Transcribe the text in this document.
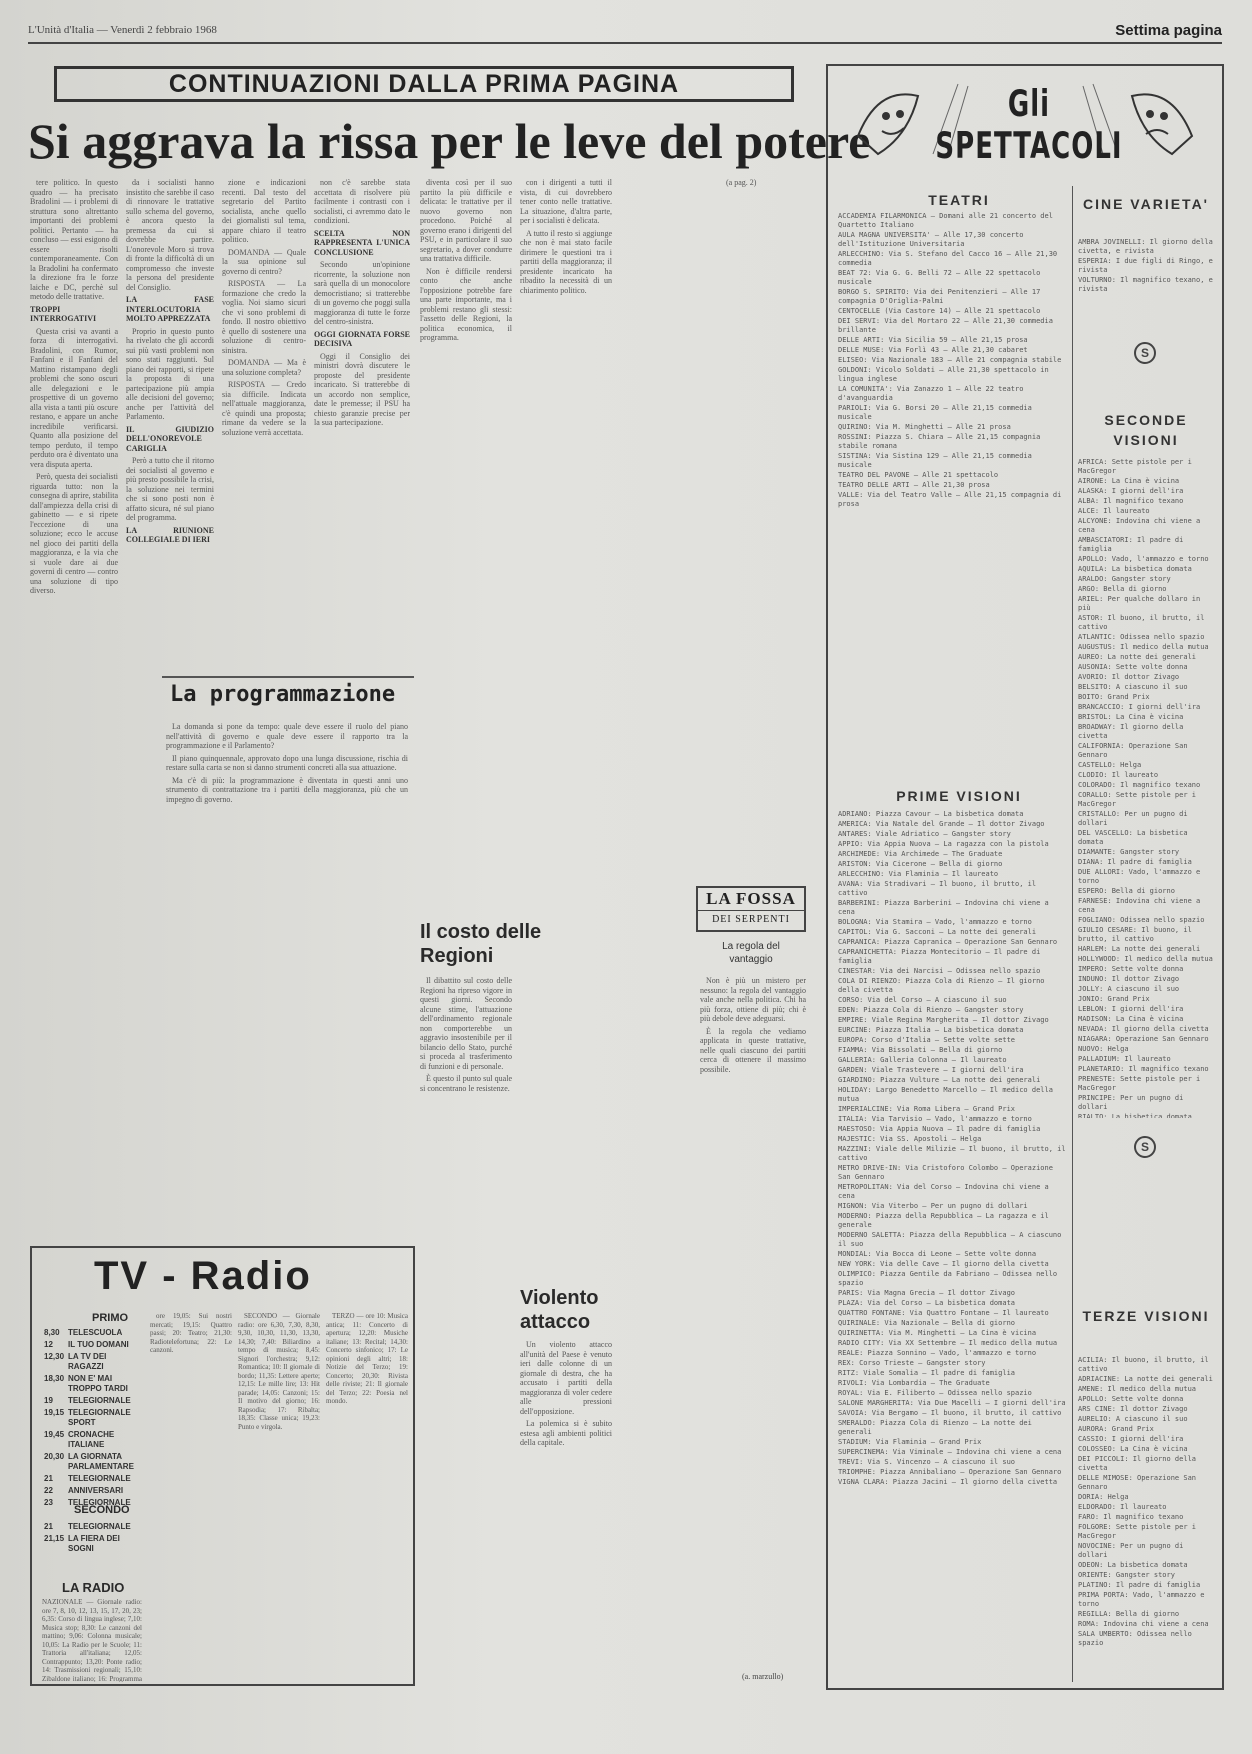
L'Unità d'Italia — Venerdì 2 febbraio 1968	Settima pagina
CONTINUAZIONI DALLA PRIMA PAGINA
Si aggrava la rissa per le leve del potere

tere politico. In questo quadro — ha precisato Bradolini — i problemi di struttura sono altrettanto importanti dei problemi politici. Pertanto — ha concluso — essi esigono di essere risolti contemporaneamente. Con la Bradolini ha confermato la direzione fra le forze laiche e DC, perchè sul metodo delle trattative.

TROPPI INTERROGATIVI

Questa crisi va avanti a forza di interrogativi. Bradolini, con Rumor, Fanfani e il Fanfani del Mattino ristampano degli problemi che sono oscuri alle delegazioni e le prospettive di un governo alla vista a tanti più oscure restano, e appare un anche incredibile verificarsi. Quanto alla posizione del tempo perduto, il tempo perduto ora è diventato una vera disputa aperta.

Però, questa dei socialisti riguarda tutto: non la consegna di aprire, stabilita dall'ampiezza della crisi di gabinetto — e si ripete l'eccezione di una soluzione; ecco le accuse nel gioco dei partiti della maggioranza, e la via che si vuole dare ai due governi di centro — contro una soluzione di tipo diverso.

da i socialisti hanno insistito che sarebbe il caso di rinnovare le trattative sullo schema del governo, è ancora questo la premessa da cui si dovrebbe partire. L'onorevole Moro si trova di fronte la difficoltà di un compromesso che investe la persona del presidente del Consiglio.

LA FASE INTERLOCUTORIA MOLTO APPREZZATA

Proprio in questo punto ha rivelato che gli accordi sui più vasti problemi non sono stati raggiunti. Sul piano dei rapporti, si ripete la proposta di una partecipazione più ampia alle decisioni del governo; anche per l'attività del Parlamento.

IL GIUDIZIO DELL'ONOREVOLE CARIGLIA

Però a tutto che il ritorno dei socialisti al governo e più presto possibile la crisi, la soluzione nei termini che si sono posti non è affatto sicura, né sul piano del programma.

LA RIUNIONE COLLEGIALE DI IERI

zione e indicazioni recenti. Dal testo del segretario del Partito socialista, anche quello dei giornalisti sul tema, appare chiaro il teatro politico.

DOMANDA — Quale la sua opinione sul governo di centro?

RISPOSTA — La formazione che credo la voglia. Noi siamo sicuri che vi sono problemi di fondo. Il nostro obiettivo è quello di sostenere una soluzione di centro-sinistra.

DOMANDA — Ma è una soluzione completa?

RISPOSTA — Credo sia difficile. Indicata nell'attuale maggioranza, c'è quindi una proposta; rimane da vedere se la soluzione verrà accettata.

non c'è sarebbe stata accettata di risolvere più facilmente i contrasti con i socialisti, ci avremmo dato le condizioni.

SCELTA NON RAPPRESENTA L'UNICA CONCLUSIONE

Secondo un'opinione ricorrente, la soluzione non sarà quella di un monocolore democristiano; si tratterebbe di un governo che poggi sulla maggioranza di tutte le forze del centro-sinistra.

OGGI GIORNATA FORSE DECISIVA

Oggi il Consiglio dei ministri dovrà discutere le proposte del presidente incaricato. Si tratterebbe di un accordo non semplice, date le premesse; il PSU ha chiesto garanzie precise per la sua partecipazione.

diventa così per il suo partito la più difficile e delicata: le trattative per il nuovo governo non procedono. Poiché al governo erano i dirigenti del PSU, e in particolare il suo segretario, a dover condurre una trattativa difficile.

Non è difficile rendersi conto che anche l'opposizione potrebbe fare una parte importante, ma i problemi restano gli stessi: l'assetto delle Regioni, la politica economica, il programma.

con i dirigenti a tutti il vista, di cui dovrebbero tener conto nelle trattative. La situazione, d'altra parte, per i socialisti è delicata.

A tutto il resto si aggiunge che non è mai stato facile dirimere le questioni tra i partiti della maggioranza; il presidente incaricato ha ribadito la necessità di un chiarimento politico.

(a pag. 2)

La programmazione

La domanda si pone da tempo: quale deve essere il ruolo del piano nell'attività di governo e quale deve essere il rapporto tra la programmazione e il Parlamento?

Il piano quinquennale, approvato dopo una lunga discussione, rischia di restare sulla carta se non si danno strumenti concreti alla sua attuazione.

Ma c'è di più: la programmazione è diventata in questi anni uno strumento di contrattazione tra i partiti della maggioranza, più che un impegno di governo.

Il costo delle Regioni

Il dibattito sul costo delle Regioni ha ripreso vigore in questi giorni. Secondo alcune stime, l'attuazione dell'ordinamento regionale non comporterebbe un aggravio insostenibile per il bilancio dello Stato, purché si proceda al trasferimento di funzioni e di personale.

È questo il punto sul quale si concentrano le resistenze.

Violento attacco

Un violento attacco all'unità del Paese è venuto ieri dalle colonne di un giornale di destra, che ha accusato i partiti della maggioranza di voler cedere alle pressioni dell'opposizione.

La polemica si è subito estesa agli ambienti politici della capitale.

LA FOSSA
DEI SERPENTI
La regola del vantaggio

Non è più un mistero per nessuno: la regola del vantaggio vale anche nella politica. Chi ha più forza, ottiene di più; chi è più debole deve adeguarsi.

È la regola che vediamo applicata in queste trattative, nelle quali ciascuno dei partiti cerca di ottenere il massimo possibile.

(a. marzullo)
TV - Radio
PRIMO
8,30	TELESCUOLA
12	IL TUO DOMANI
12,30 LA TV DEI RAGAZZI
18,30 NON E' MAI TROPPO TARDI
19	TELEGIORNALE
19,15 TELEGIORNALE SPORT
19,45 CRONACHE ITALIANE
20,30 LA GIORNATA PARLAMENTARE
21	TELEGIORNALE
22	ANNIVERSARI
23	TELEGIORNALE
SECONDO
21	TELEGIORNALE
21,15 LA FIERA DEI SOGNI
LA RADIO
NAZIONALE — Giornale radio: ore 7, 8, 10, 12, 13, 15, 17, 20, 23; 6,35: Corso di lingua inglese; 7,10: Musica stop; 8,30: Le canzoni del mattino; 9,06: Colonna musicale; 10,05: La Radio per le Scuole; 11: Trattoria all'italiana; 12,05: Contrappunto; 13,20: Ponte radio; 14: Trasmissioni regionali; 15,10: Zibaldone italiano; 16: Programma

ore 19,05: Sui nostri mercati; 19,15: Quattro passi; 20: Teatro; 21,30: Radiotelefortuna; 22: Le canzoni.

SECONDO — Giornale radio: ore 6,30, 7,30, 8,30, 9,30, 10,30, 11,30, 13,30, 14,30; 7,40: Biliardino a tempo di musica; 8,45: Signori l'orchestra; 9,12: Romantica; 10: Il giornale di bordo; 11,35: Lettere aperte; 12,15: Le mille lire; 13: Hit parade; 14,05: Canzoni; 15: Il motivo del giorno; 16: Rapsodia; 17: Ribalta; 18,35: Classe unica; 19,23: Punto e virgola.

TERZO — ore 10: Musica antica; 11: Concerto di apertura; 12,20: Musiche italiane; 13: Recital; 14,30: Concerto sinfonico; 17: Le opinioni degli altri; 18: Notizie del Terzo; 19: Concerto; 20,30: Rivista delle riviste; 21: Il giornale del Terzo; 22: Poesia nel mondo.

Gli SPETTACOLI
TEATRI

ACCADEMIA FILARMONICA — Domani alle 21 concerto del Quartetto Italiano

AULA MAGNA UNIVERSITA' — Alle 17,30 concerto dell'Istituzione Universitaria

ARLECCHINO: Via S. Stefano del Cacco 16 — Alle 21,30 commedia

BEAT 72: Via G. G. Belli 72 — Alle 22 spettacolo musicale

BORGO S. SPIRITO: Via dei Penitenzieri — Alle 17 compagnia D'Origlia-Palmi

CENTOCELLE (Via Castore 14) — Alle 21 spettacolo

DEI SERVI: Via del Mortaro 22 — Alle 21,30 commedia brillante

DELLE ARTI: Via Sicilia 59 — Alle 21,15 prosa

DELLE MUSE: Via Forlì 43 — Alle 21,30 cabaret

ELISEO: Via Nazionale 183 — Alle 21 compagnia stabile

GOLDONI: Vicolo Soldati — Alle 21,30 spettacolo in lingua inglese

LA COMUNITA': Via Zanazzo 1 — Alle 22 teatro d'avanguardia

PARIOLI: Via G. Borsi 20 — Alle 21,15 commedia musicale

QUIRINO: Via M. Minghetti — Alle 21 prosa

ROSSINI: Piazza S. Chiara — Alle 21,15 compagnia stabile romana

SISTINA: Via Sistina 129 — Alle 21,15 commedia musicale

TEATRO DEL PAVONE — Alle 21 spettacolo

TEATRO DELLE ARTI — Alle 21,30 prosa

VALLE: Via del Teatro Valle — Alle 21,15 compagnia di prosa

CINE VARIETA'

AMBRA JOVINELLI: Il giorno della civetta, e rivista

ESPERIA: I due figli di Ringo, e rivista

VOLTURNO: Il magnifico texano, e rivista

S
SECONDE VISIONI

AFRICA: Sette pistole per i MacGregor

AIRONE: La Cina è vicina

ALASKA: I giorni dell'ira

ALBA: Il magnifico texano

ALCE: Il laureato

ALCYONE: Indovina chi viene a cena

AMBASCIATORI: Il padre di famiglia

APOLLO: Vado, l'ammazzo e torno

AQUILA: La bisbetica domata

ARALDO: Gangster story

ARGO: Bella di giorno

ARIEL: Per qualche dollaro in più

ASTOR: Il buono, il brutto, il cattivo

ATLANTIC: Odissea nello spazio

AUGUSTUS: Il medico della mutua

AUREO: La notte dei generali

AUSONIA: Sette volte donna

AVORIO: Il dottor Zivago

BELSITO: A ciascuno il suo

BOITO: Grand Prix

BRANCACCIO: I giorni dell'ira

BRISTOL: La Cina è vicina

BROADWAY: Il giorno della civetta

CALIFORNIA: Operazione San Gennaro

CASTELLO: Helga

CLODIO: Il laureato

COLORADO: Il magnifico texano

CORALLO: Sette pistole per i MacGregor

CRISTALLO: Per un pugno di dollari

DEL VASCELLO: La bisbetica domata

DIAMANTE: Gangster story

DIANA: Il padre di famiglia

DUE ALLORI: Vado, l'ammazzo e torno

ESPERO: Bella di giorno

FARNESE: Indovina chi viene a cena

FOGLIANO: Odissea nello spazio

GIULIO CESARE: Il buono, il brutto, il cattivo

HARLEM: La notte dei generali

HOLLYWOOD: Il medico della mutua

IMPERO: Sette volte donna

INDUNO: Il dottor Zivago

JOLLY: A ciascuno il suo

JONIO: Grand Prix

LEBLON: I giorni dell'ira

MADISON: La Cina è vicina

NEVADA: Il giorno della civetta

NIAGARA: Operazione San Gennaro

NUOVO: Helga

PALLADIUM: Il laureato

PLANETARIO: Il magnifico texano

PRENESTE: Sette pistole per i MacGregor

PRINCIPE: Per un pugno di dollari

RIALTO: La bisbetica domata

S
TERZE VISIONI

ACILIA: Il buono, il brutto, il cattivo

ADRIACINE: La notte dei generali

AMENE: Il medico della mutua

APOLLO: Sette volte donna

ARS CINE: Il dottor Zivago

AURELIO: A ciascuno il suo

AURORA: Grand Prix

CASSIO: I giorni dell'ira

COLOSSEO: La Cina è vicina

DEI PICCOLI: Il giorno della civetta

DELLE MIMOSE: Operazione San Gennaro

DORIA: Helga

ELDORADO: Il laureato

FARO: Il magnifico texano

FOLGORE: Sette pistole per i MacGregor

NOVOCINE: Per un pugno di dollari

ODEON: La bisbetica domata

ORIENTE: Gangster story

PLATINO: Il padre di famiglia

PRIMA PORTA: Vado, l'ammazzo e torno

REGILLA: Bella di giorno

ROMA: Indovina chi viene a cena

SALA UMBERTO: Odissea nello spazio

PRIME VISIONI

ADRIANO: Piazza Cavour — La bisbetica domata

AMERICA: Via Natale del Grande — Il dottor Zivago

ANTARES: Viale Adriatico — Gangster story

APPIO: Via Appia Nuova — La ragazza con la pistola

ARCHIMEDE: Via Archimede — The Graduate

ARISTON: Via Cicerone — Bella di giorno

ARLECCHINO: Via Flaminia — Il laureato

AVANA: Via Stradivari — Il buono, il brutto, il cattivo

BARBERINI: Piazza Barberini — Indovina chi viene a cena

BOLOGNA: Via Stamira — Vado, l'ammazzo e torno

CAPITOL: Via G. Sacconi — La notte dei generali

CAPRANICA: Piazza Capranica — Operazione San Gennaro

CAPRANICHETTA: Piazza Montecitorio — Il padre di famiglia

CINESTAR: Via dei Narcisi — Odissea nello spazio

COLA DI RIENZO: Piazza Cola di Rienzo — Il giorno della civetta

CORSO: Via del Corso — A ciascuno il suo

EDEN: Piazza Cola di Rienzo — Gangster story

EMPIRE: Viale Regina Margherita — Il dottor Zivago

EURCINE: Piazza Italia — La bisbetica domata

EUROPA: Corso d'Italia — Sette volte sette

FIAMMA: Via Bissolati — Bella di giorno

GALLERIA: Galleria Colonna — Il laureato

GARDEN: Viale Trastevere — I giorni dell'ira

GIARDINO: Piazza Vulture — La notte dei generali

HOLIDAY: Largo Benedetto Marcello — Il medico della mutua

IMPERIALCINE: Via Roma Libera — Grand Prix

ITALIA: Via Tarvisio — Vado, l'ammazzo e torno

MAESTOSO: Via Appia Nuova — Il padre di famiglia

MAJESTIC: Via SS. Apostoli — Helga

MAZZINI: Viale delle Milizie — Il buono, il brutto, il cattivo

METRO DRIVE-IN: Via Cristoforo Colombo — Operazione San Gennaro

METROPOLITAN: Via del Corso — Indovina chi viene a cena

MIGNON: Via Viterbo — Per un pugno di dollari

MODERNO: Piazza della Repubblica — La ragazza e il generale

MODERNO SALETTA: Piazza della Repubblica — A ciascuno il suo

MONDIAL: Via Bocca di Leone — Sette volte donna

NEW YORK: Via delle Cave — Il giorno della civetta

OLIMPICO: Piazza Gentile da Fabriano — Odissea nello spazio

PARIS: Via Magna Grecia — Il dottor Zivago

PLAZA: Via del Corso — La bisbetica domata

QUATTRO FONTANE: Via Quattro Fontane — Il laureato

QUIRINALE: Via Nazionale — Bella di giorno

QUIRINETTA: Via M. Minghetti — La Cina è vicina

RADIO CITY: Via XX Settembre — Il medico della mutua

REALE: Piazza Sonnino — Vado, l'ammazzo e torno

REX: Corso Trieste — Gangster story

RITZ: Viale Somalia — Il padre di famiglia

RIVOLI: Via Lombardia — The Graduate

ROYAL: Via E. Filiberto — Odissea nello spazio

SALONE MARGHERITA: Via Due Macelli — I giorni dell'ira

SAVOIA: Via Bergamo — Il buono, il brutto, il cattivo

SMERALDO: Piazza Cola di Rienzo — La notte dei generali

STADIUM: Via Flaminia — Grand Prix

SUPERCINEMA: Via Viminale — Indovina chi viene a cena

TREVI: Via S. Vincenzo — A ciascuno il suo

TRIOMPHE: Piazza Annibaliano — Operazione San Gennaro

VIGNA CLARA: Piazza Jacini — Il giorno della civetta
